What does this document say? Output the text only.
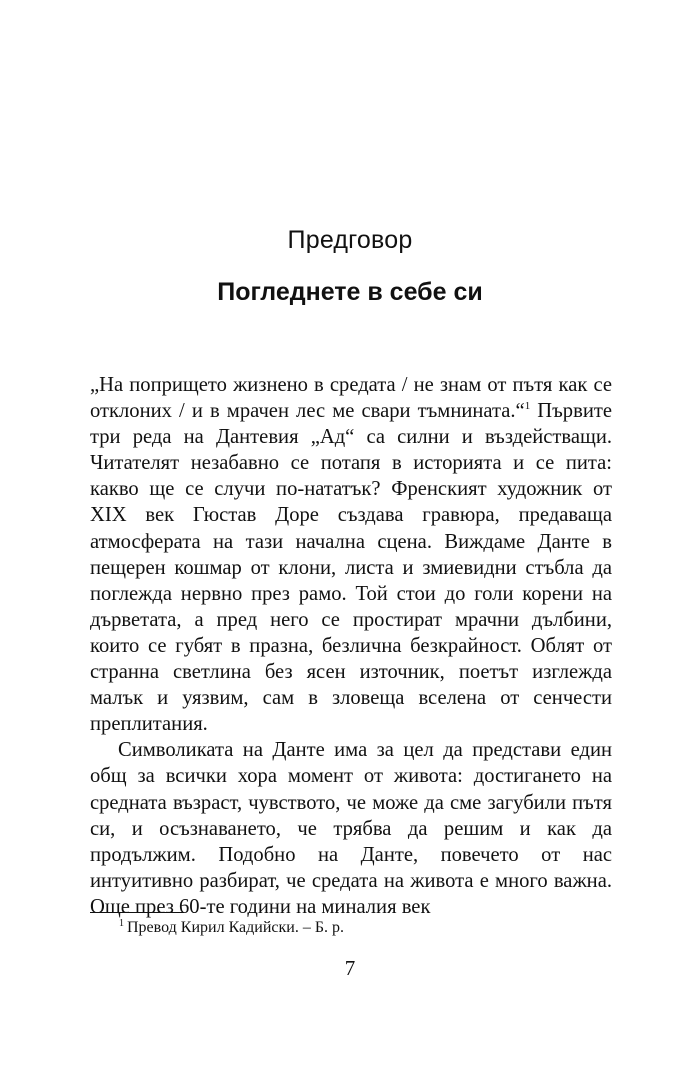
Предговор
Погледнете в себе си

„На попрището жизнено в средата / не знам от пътя как се отклоних / и в мрачен лес ме свари тъмнината.“$^1$ Първите три реда на Дантевия „Ад“ са силни и въздействащи. Читателят незабавно се потапя в историята и се пита: какво ще се случи по-нататък? Френският художник от XIX век Гюстав Доре създава гравюра, предаваща атмосферата на тази начална сцена. Виждаме Данте в пещерен кошмар от клони, листа и змиевидни стъбла да поглежда нервно през рамо. Той стои до голи корени на дърветата, а пред него се простират мрачни дълбини, които се губят в празна, безлична безкрайност. Облят от странна светлина без ясен източник, поетът изглежда малък и уязвим, сам в зловеща вселена от сенчести преплитания.

Символиката на Данте има за цел да представи един общ за всички хора момент от живота: достигането на средната възраст, чувството, че може да сме загубили пътя си, и осъзнаването, че трябва да решим и как да продължим. Подобно на Данте, повечето от нас интуитивно разбират, че средата на живота е много важна. Още през 60-те години на миналия век

$^1$ Превод Кирил Кадийски. – Б. р.
7
